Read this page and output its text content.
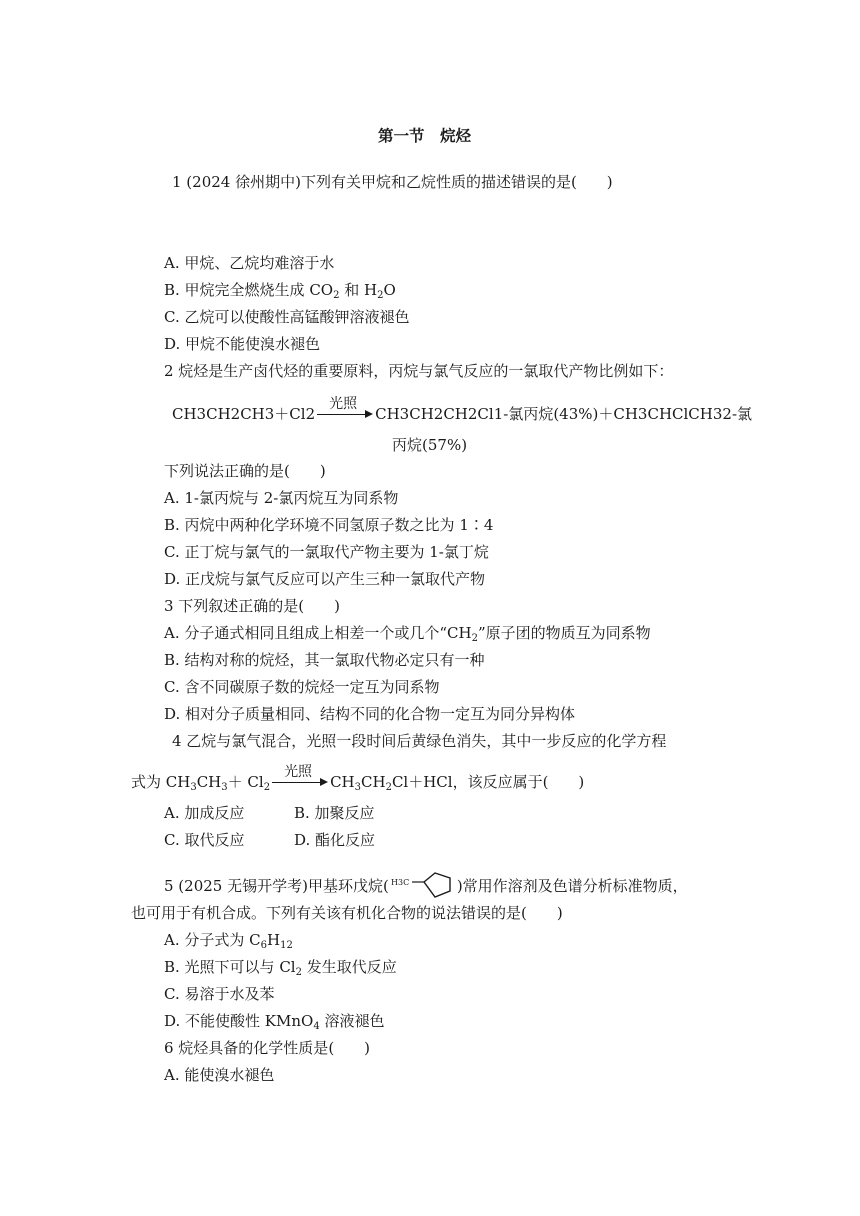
第一节　烷烃
1 (2024 徐州期中)下列有关甲烷和乙烷性质的描述错误的是(　　)
A. 甲烷、乙烷均难溶于水
B. 甲烷完全燃烧生成 $CO_2$ 和 $H_2O$
C. 乙烷可以使酸性高锰酸钾溶液褪色
D. 甲烷不能使溴水褪色
2 烷烃是生产卤代烃的重要原料，丙烷与氯气反应的一氯取代产物比例如下：
CH3CH2CH3＋Cl2
光照
CH3CH2CH2Cl1-氯丙烷(43%)＋CH3CHClCH32-氯
丙烷(57%)
下列说法正确的是(　　)
A. 1-氯丙烷与 2-氯丙烷互为同系物
B. 丙烷中两种化学环境不同氢原子数之比为 1∶4
C. 正丁烷与氯气的一氯取代产物主要为 1-氯丁烷
D. 正戊烷与氯气反应可以产生三种一氯取代产物
3 下列叙述正确的是(　　)
A. 分子通式相同且组成上相差一个或几个“$CH_2$”原子团的物质互为同系物
B. 结构对称的烷烃，其一氯取代物必定只有一种
C. 含不同碳原子数的烷烃一定互为同系物
D. 相对分子质量相同、结构不同的化合物一定互为同分异构体
4 乙烷与氯气混合，光照一段时间后黄绿色消失，其中一步反应的化学方程
式为 $CH_3CH_3+ Cl_2$
光照
$CH_3CH_2Cl+HCl$，该反应属于(　　)
A. 加成反应	B. 加聚反应
C. 取代反应	D. 酯化反应
5 (2025 无锡开学考)甲基环戊烷( H3C	)常用作溶剂及色谱分析标准物质，
也可用于有机合成。下列有关该有机化合物的说法错误的是(　　)
A. 分子式为 $C_6H_{12}$
B. 光照下可以与 $Cl_2$ 发生取代反应
C. 易溶于水及苯
D. 不能使酸性 KMnO$_4$ 溶液褪色
6 烷烃具备的化学性质是(　　)
A. 能使溴水褪色
